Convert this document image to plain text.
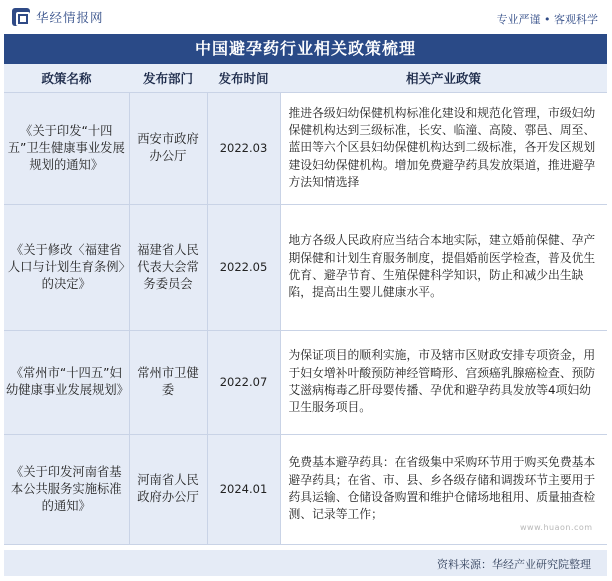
华经情报网	专业严谨 • 客观科学
中国避孕药行业相关政策梳理
政策名称	发布部门	发布时间	相关产业政策
《关于印发“十四五”卫生健康事业发展规划的通知》	西安市政府办公厅	2022.03	推进各级妇幼保健机构标准化建设和规范化管理，市级妇幼保健机构达到三级标准，长安、临潼、高陵、鄠邑、周至、蓝田等六个区县妇幼保健机构达到二级标准，各开发区规划建设妇幼保健机构。增加免费避孕药具发放渠道，推进避孕方法知情选择
《关于修改〈福建省人口与计划生育条例〉的决定》	福建省人民代表大会常务委员会	2022.05	地方各级人民政府应当结合本地实际，建立婚前保健、孕产期保健和计划生育服务制度，提倡婚前医学检查，普及优生优育、避孕节育、生殖保健科学知识，防止和减少出生缺陷，提高出生婴儿健康水平。
《常州市“十四五”妇幼健康事业发展规划》	常州市卫健委	2022.07	为保证项目的顺利实施，市及辖市区财政安排专项资金，用于妇女增补叶酸预防神经管畸形、宫颈癌乳腺癌检查、预防艾滋病梅毒乙肝母婴传播、孕优和避孕药具发放等4项妇幼卫生服务项目。
《关于印发河南省基本公共服务实施标准的通知》	河南省人民政府办公厅	2024.01	免费基本避孕药具：在省级集中采购环节用于购买免费基本避孕药具；在省、市、县、乡各级存储和调拨环节主要用于药具运输、仓储设备购置和维护仓储场地租用、质量抽查检测、记录等工作；
www.huaon.com
资料来源：华经产业研究院整理
